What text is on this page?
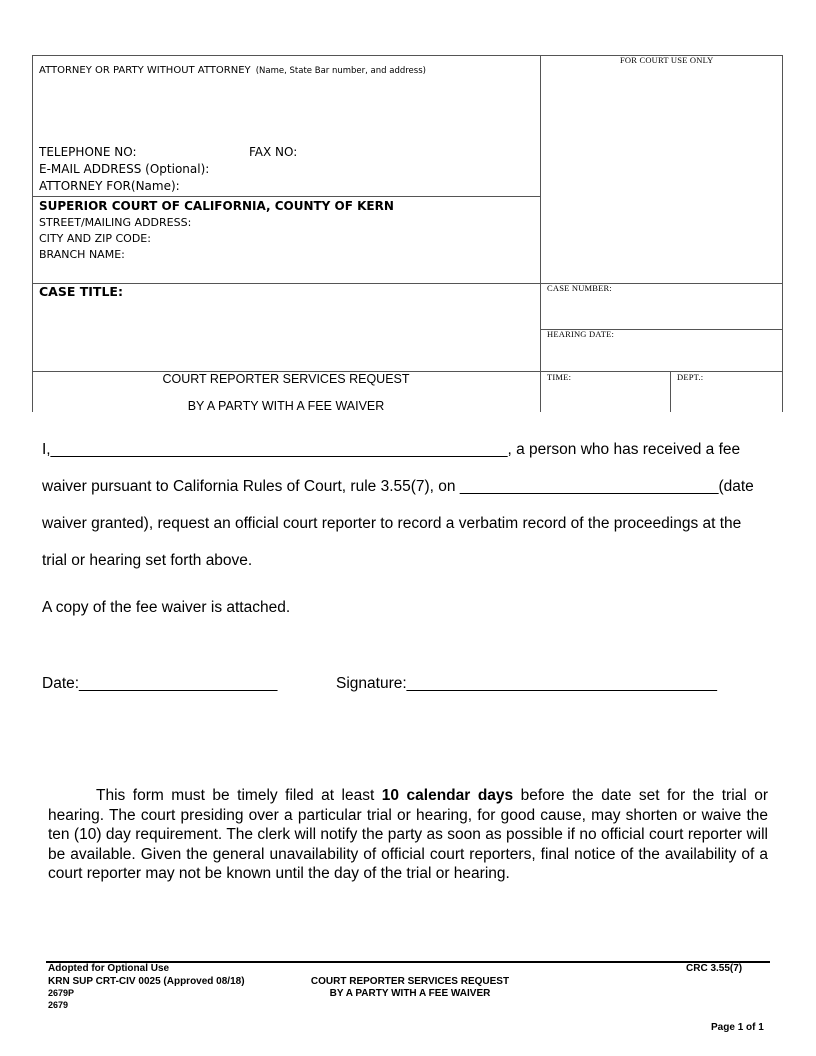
ATTORNEY OR PARTY WITHOUT ATTORNEY (Name, State Bar number, and address)
FOR COURT USE ONLY
TELEPHONE NO:	FAX NO:
E-MAIL ADDRESS (Optional):
ATTORNEY FOR(Name):
SUPERIOR COURT OF CALIFORNIA, COUNTY OF KERN
STREET/MAILING ADDRESS:
CITY AND ZIP CODE:
BRANCH NAME:
CASE TITLE:	CASE NUMBER:
HEARING DATE:
COURT REPORTER SERVICES REQUEST
BY A PARTY WITH A FEE WAIVER
TIME:	DEPT.:
I,_____________________________________________________, a person who has received a fee
waiver pursuant to California Rules of Court, rule 3.55(7), on ______________________________(date
waiver granted), request an official court reporter to record a verbatim record of the proceedings at the
trial or hearing set forth above.
A copy of the fee waiver is attached.
Date:_______________________	Signature:____________________________________
This form must be timely filed at least 10 calendar days before the date set for the trial or hearing. The court presiding over a particular trial or hearing, for good cause, may shorten or waive the ten (10) day requirement. The clerk will notify the party as soon as possible if no official court reporter will be available. Given the general unavailability of official court reporters, final notice of the availability of a court reporter may not be known until the day of the trial or hearing.
Adopted for Optional Use
KRN SUP CRT-CIV 0025 (Approved 08/18)
2679P
2679
COURT REPORTER SERVICES REQUEST
BY A PARTY WITH A FEE WAIVER
CRC 3.55(7)
Page 1 of 1
